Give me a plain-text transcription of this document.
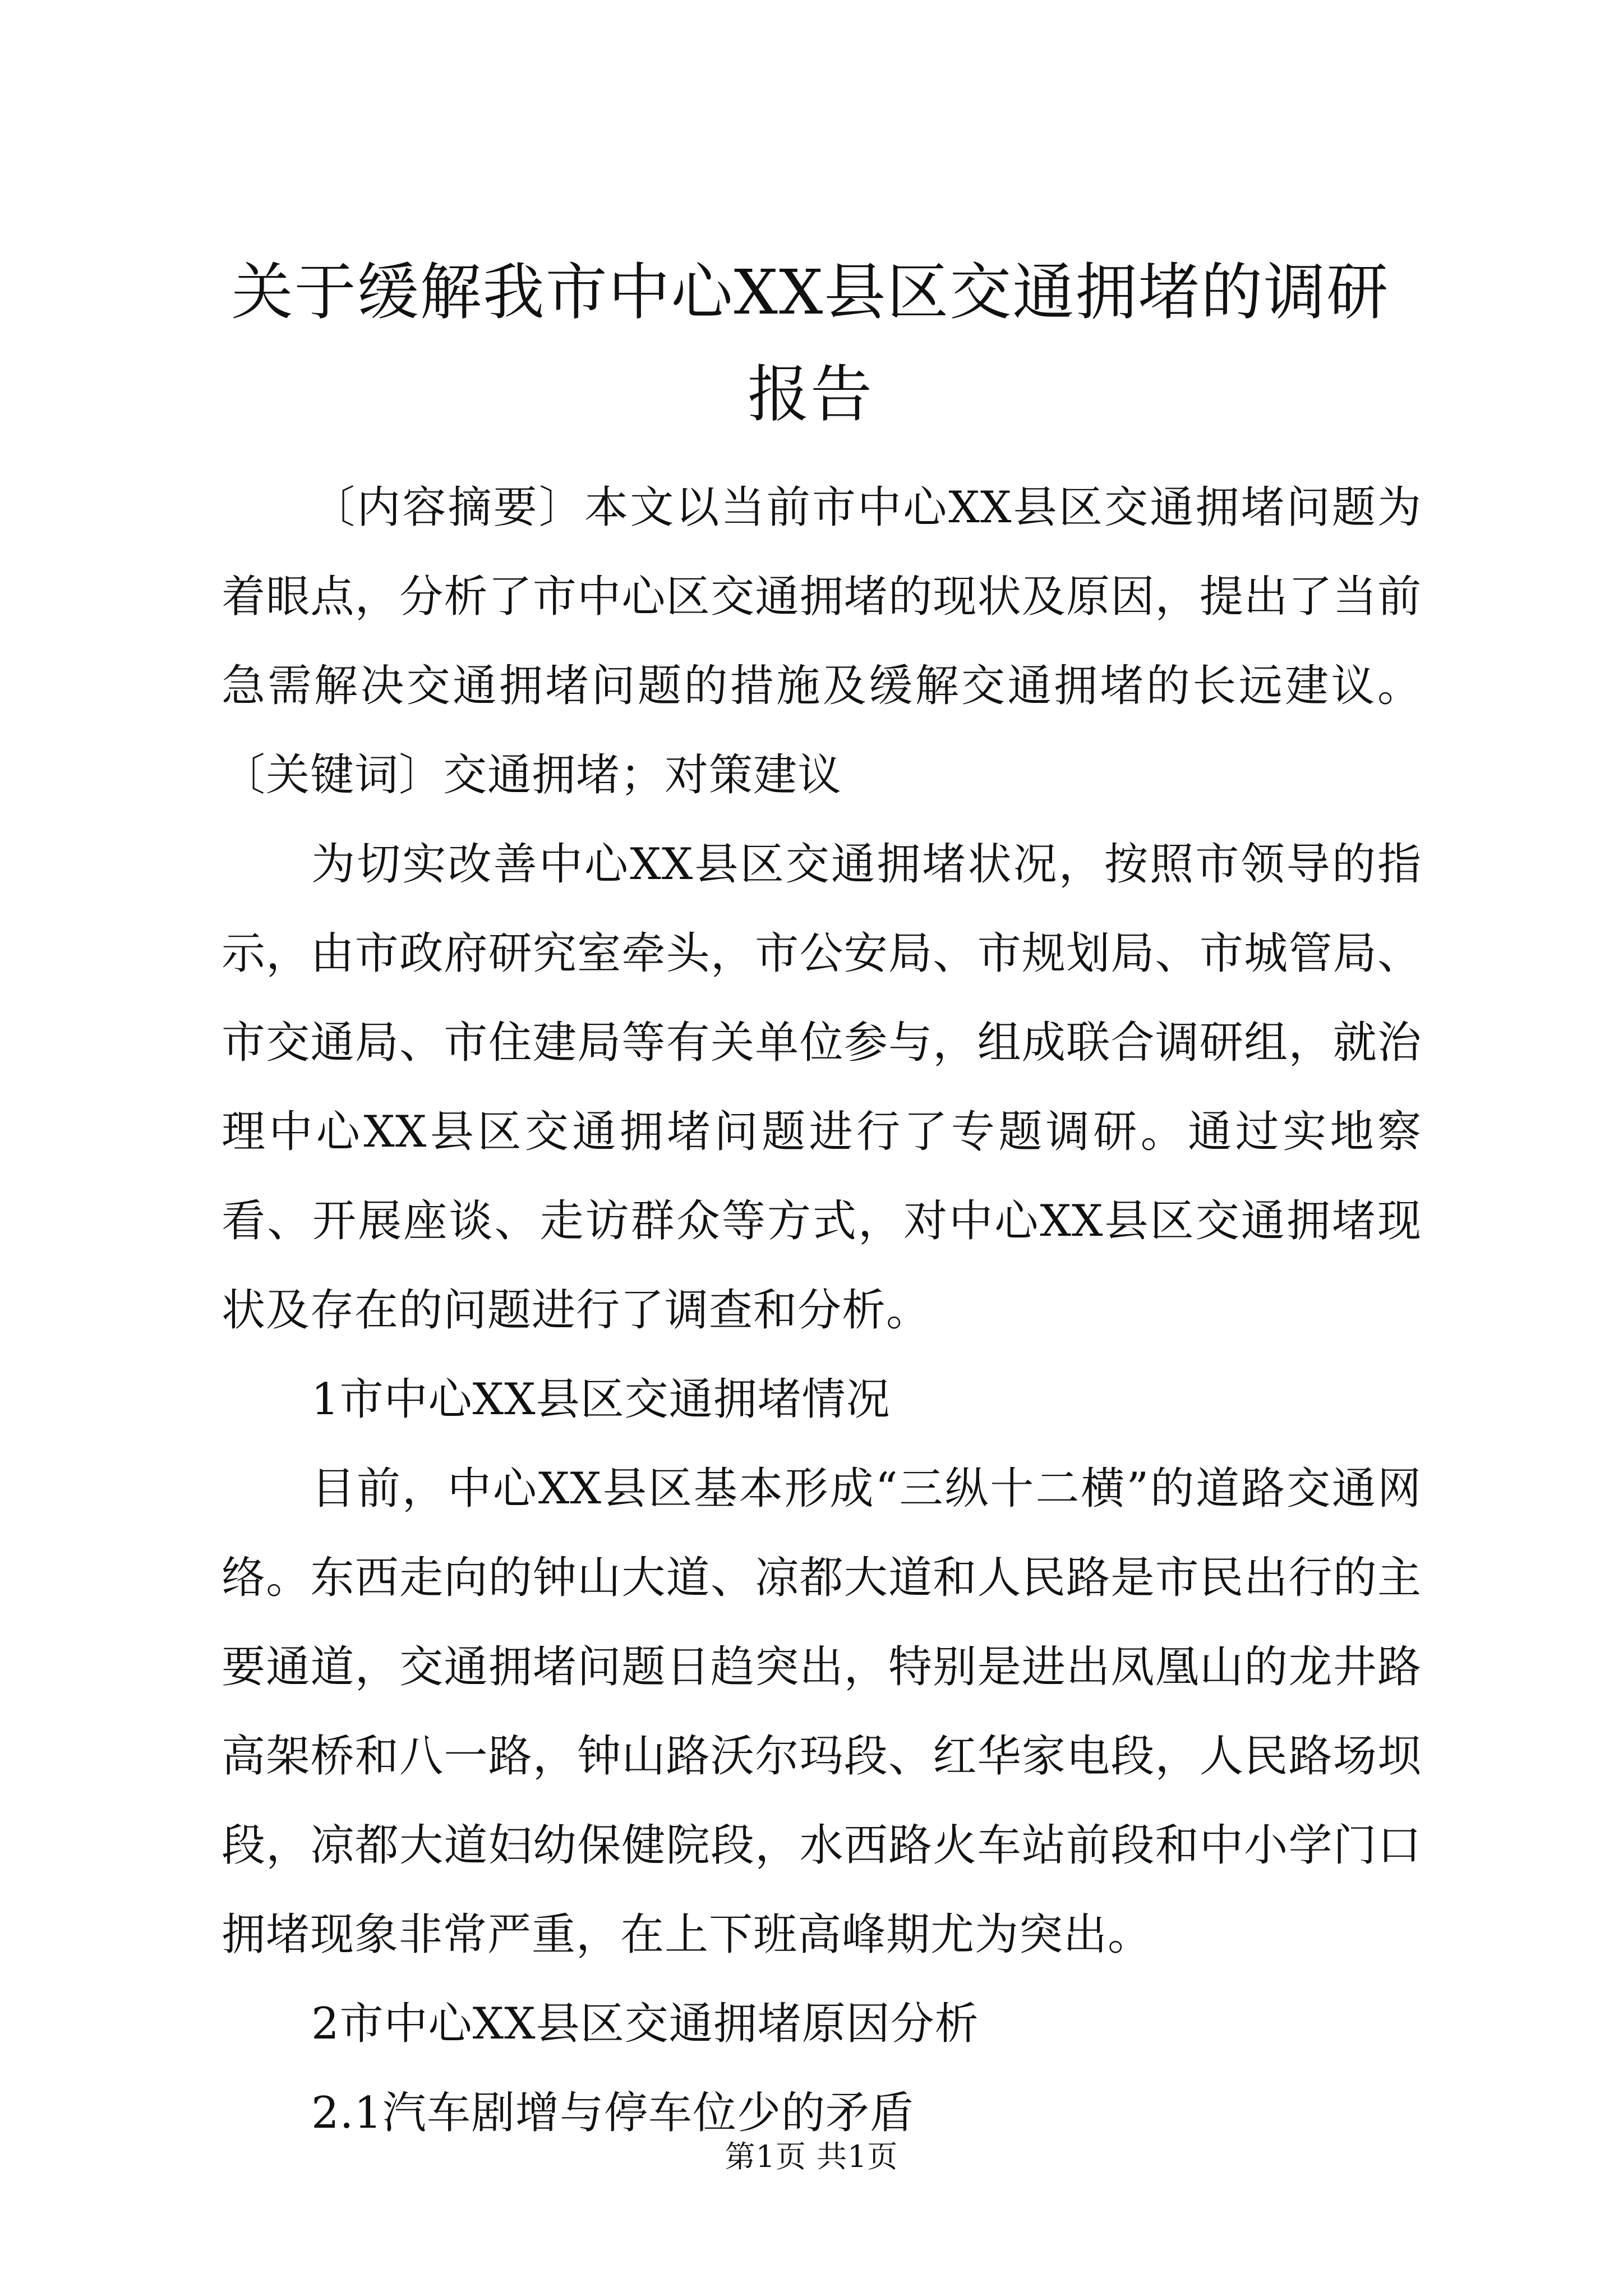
关于缓解我市中心XX县区交通拥堵的调研报告

〔内容摘要〕本文以当前市中心XX县区交通拥堵问题为着眼点，分析了市中心区交通拥堵的现状及原因，提出了当前急需解决交通拥堵问题的措施及缓解交通拥堵的长远建议。〔关键词〕交通拥堵；对策建议

为切实改善中心XX县区交通拥堵状况，按照市领导的指示，由市政府研究室牵头，市公安局、市规划局、市城管局、市交通局、市住建局等有关单位参与，组成联合调研组，就治理中心XX县区交通拥堵问题进行了专题调研。通过实地察看、开展座谈、走访群众等方式，对中心XX县区交通拥堵现状及存在的问题进行了调查和分析。

1市中心XX县区交通拥堵情况

目前，中心XX县区基本形成“三纵十二横”的道路交通网络。东西走向的钟山大道、凉都大道和人民路是市民出行的主要通道，交通拥堵问题日趋突出，特别是进出凤凰山的龙井路高架桥和八一路，钟山路沃尔玛段、红华家电段，人民路场坝段，凉都大道妇幼保健院段，水西路火车站前段和中小学门口拥堵现象非常严重，在上下班高峰期尤为突出。

2市中心XX县区交通拥堵原因分析

2.1汽车剧增与停车位少的矛盾

第1页 共1页
